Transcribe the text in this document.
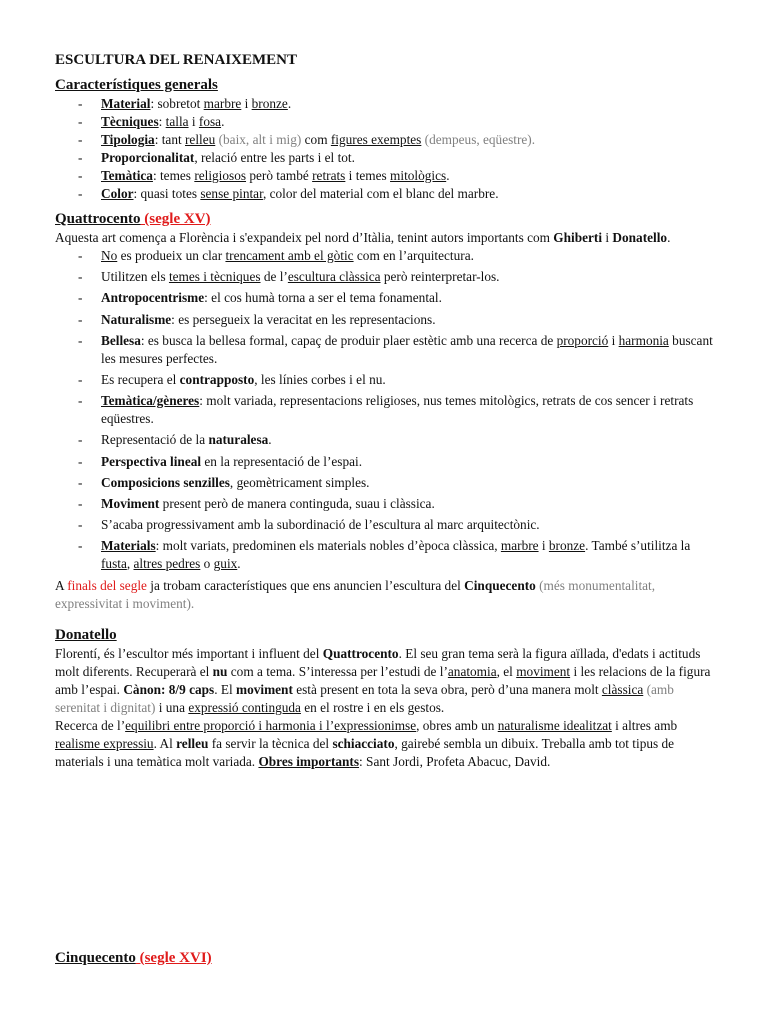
ESCULTURA DEL RENAIXEMENT
Característiques generals
- Material: sobretot marbre i bronze.
- Tècniques: talla i fosa.
- Tipologia: tant relleu (baix, alt i mig) com figures exemptes (dempeus, eqüestre).
- Proporcionalitat, relació entre les parts i el tot.
- Temàtica: temes religiosos però també retrats i temes mitològics.
- Color: quasi totes sense pintar, color del material com el blanc del marbre.
Quattrocento (segle XV)

Aquesta art comença a Florència i s'expandeix pel nord d’Itàlia, tenint autors importants com Ghiberti i Donatello.

- No es produeix un clar trencament amb el gòtic com en l’arquitectura.
- Utilitzen els temes i tècniques de l’escultura clàssica però reinterpretar-los.
- Antropocentrisme: el cos humà torna a ser el tema fonamental.
- Naturalisme: es persegueix la veracitat en les representacions.
- Bellesa: es busca la bellesa formal, capaç de produir plaer estètic amb una recerca de proporció i harmonia buscant les mesures perfectes.
- Es recupera el contrapposto, les línies corbes i el nu.
- Temàtica/gèneres: molt variada, representacions religioses, nus temes mitològics, retrats de cos sencer i retrats eqüestres.
- Representació de la naturalesa.
- Perspectiva lineal en la representació de l’espai.
- Composicions senzilles, geomètricament simples.
- Moviment present però de manera continguda, suau i clàssica.
- S’acaba progressivament amb la subordinació de l’escultura al marc arquitectònic.
- Materials: molt variats, predominen els materials nobles d’època clàssica, marbre i bronze. També s’utilitza la fusta, altres pedres o guix.

A finals del segle ja trobam característiques que ens anuncien l’escultura del Cinquecento (més monumentalitat, expressivitat i moviment).

Donatello

Florentí, és l’escultor més important i influent del Quattrocento. El seu gran tema serà la figura aïllada, d'edats i actituds molt diferents. Recuperarà el nu com a tema. S’interessa per l’estudi de l’anatomia, el moviment i les relacions de la figura amb l’espai. Cànon: 8/9 caps. El moviment està present en tota la seva obra, però d’una manera molt clàssica (amb serenitat i dignitat) i una expressió continguda en el rostre i en els gestos.
Recerca de l’equilibri entre proporció i harmonia i l’expressionimse, obres amb un naturalisme idealitzat i altres amb realisme expressiu. Al relleu fa servir la tècnica del schiacciato, gairebé sembla un dibuix. Treballa amb tot tipus de materials i una temàtica molt variada. Obres importants: Sant Jordi, Profeta Abacuc, David.

Cinquecento (segle XVI)
